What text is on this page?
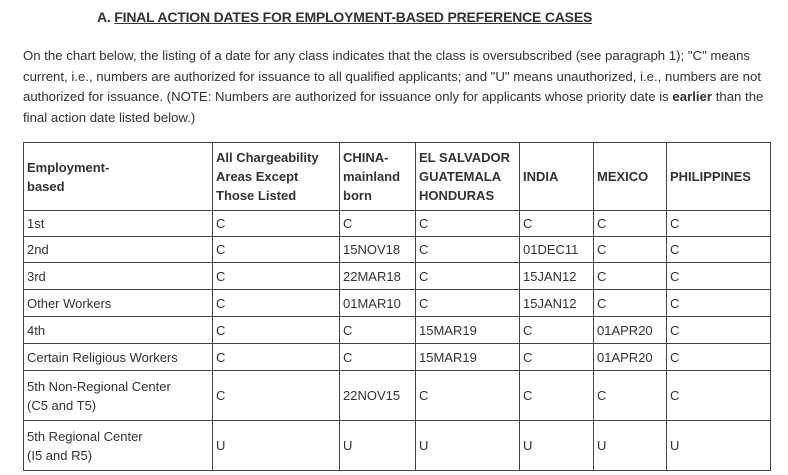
A. FINAL ACTION DATES FOR EMPLOYMENT-BASED PREFERENCE CASES
On the chart below, the listing of a date for any class indicates that the class is oversubscribed (see paragraph 1); "C" means current, i.e., numbers are authorized for issuance to all qualified applicants; and "U" means unauthorized, i.e., numbers are not authorized for issuance. (NOTE: Numbers are authorized for issuance only for applicants whose priority date is earlier than the final action date listed below.)
Employment-
based	All Chargeability
Areas Except
Those Listed	CHINA-
mainland
born	EL SALVADOR
GUATEMALA
HONDURAS	INDIA	MEXICO	PHILIPPINES
1st	C	C	C	C	C	C
2nd	C	15NOV18	C	01DEC11	C	C
3rd	C	22MAR18	C	15JAN12	C	C
Other Workers	C	01MAR10	C	15JAN12	C	C
4th	C	C	15MAR19	C	01APR20	C
Certain Religious Workers	C	C	15MAR19	C	01APR20	C
5th Non-Regional Center
(C5 and T5)	C	22NOV15	C	C	C	C
5th Regional Center
(I5 and R5)	U	U	U	U	U	U
